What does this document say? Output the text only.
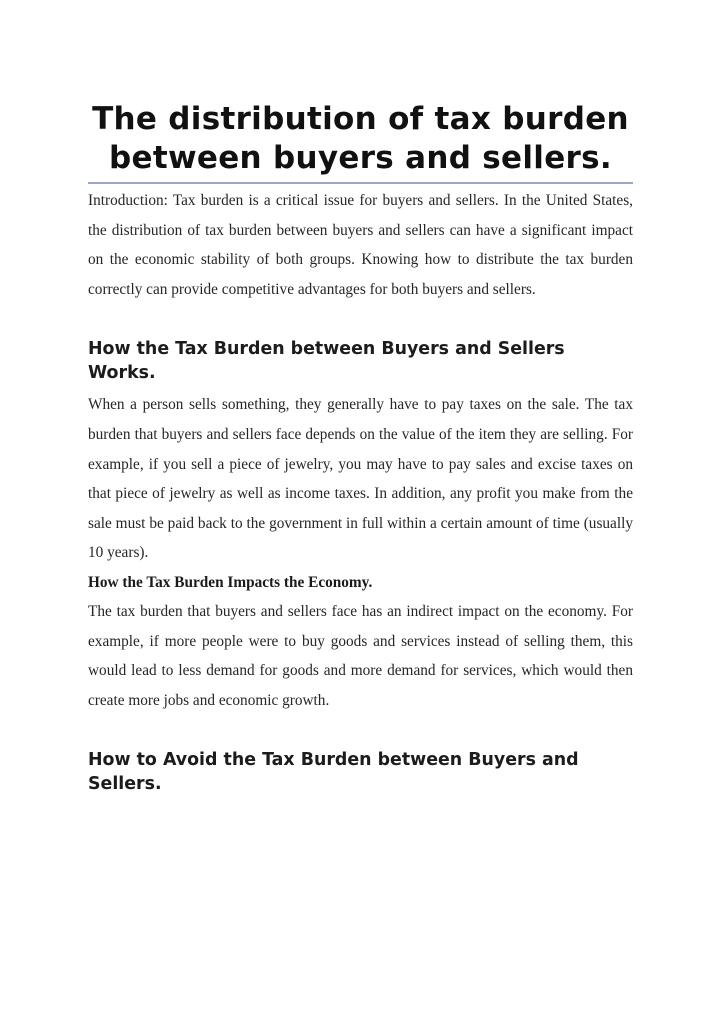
The distribution of tax burden between buyers and sellers.

Introduction: Tax burden is a critical issue for buyers and sellers. In the United States, the distribution of tax burden between buyers and sellers can have a significant impact on the economic stability of both groups. Knowing how to distribute the tax burden correctly can provide competitive advantages for both buyers and sellers.

How the Tax Burden between Buyers and Sellers Works.

When a person sells something, they generally have to pay taxes on the sale. The tax burden that buyers and sellers face depends on the value of the item they are selling. For example, if you sell a piece of jewelry, you may have to pay sales and excise taxes on that piece of jewelry as well as income taxes. In addition, any profit you make from the sale must be paid back to the government in full within a certain amount of time (usually 10 years).

How the Tax Burden Impacts the Economy.

The tax burden that buyers and sellers face has an indirect impact on the economy. For example, if more people were to buy goods and services instead of selling them, this would lead to less demand for goods and more demand for services, which would then create more jobs and economic growth.

How to Avoid the Tax Burden between Buyers and Sellers.
